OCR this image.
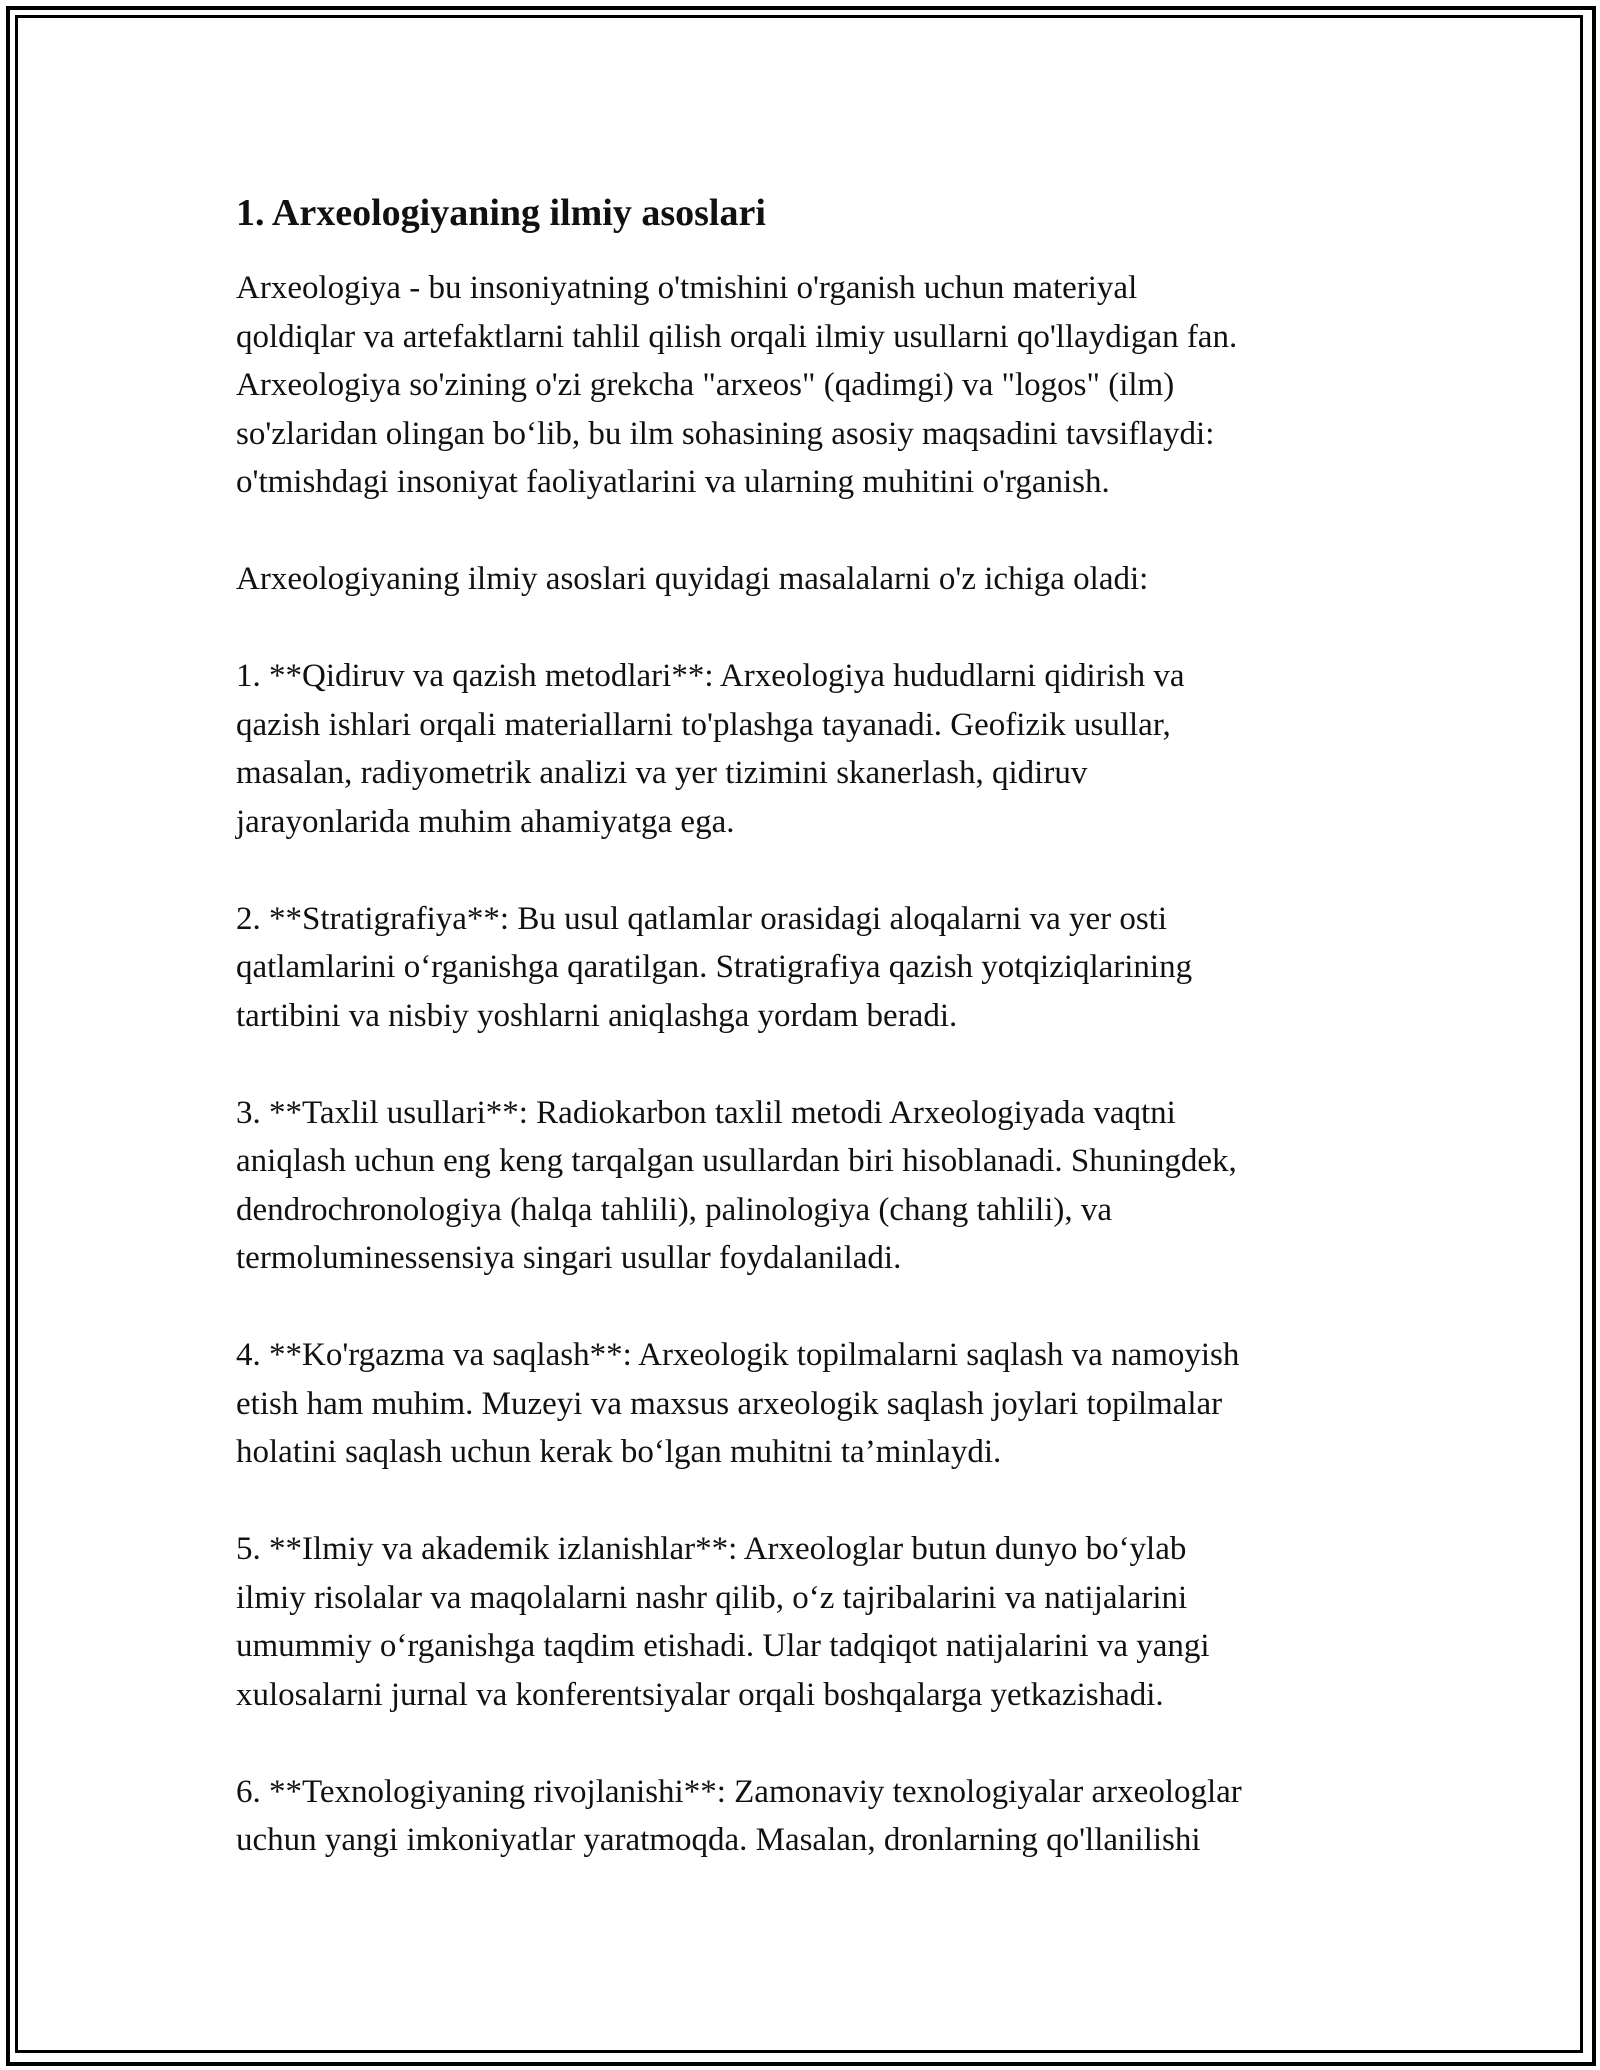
1. Arxeologiyaning ilmiy asoslari

Arxeologiya - bu insoniyatning o'tmishini o'rganish uchun materiyal
qoldiqlar va artefaktlarni tahlil qilish orqali ilmiy usullarni qo'llaydigan fan.
Arxeologiya so'zining o'zi grekcha "arxeos" (qadimgi) va "logos" (ilm)
so'zlaridan olingan bo‘lib, bu ilm sohasining asosiy maqsadini tavsiflaydi:
o'tmishdagi insoniyat faoliyatlarini va ularning muhitini o'rganish.

Arxeologiyaning ilmiy asoslari quyidagi masalalarni o'z ichiga oladi:

1. **Qidiruv va qazish metodlari**: Arxeologiya hududlarni qidirish va
qazish ishlari orqali materiallarni to'plashga tayanadi. Geofizik usullar,
masalan, radiyometrik analizi va yer tizimini skanerlash, qidiruv
jarayonlarida muhim ahamiyatga ega.

2. **Stratigrafiya**: Bu usul qatlamlar orasidagi aloqalarni va yer osti
qatlamlarini o‘rganishga qaratilgan. Stratigrafiya qazish yotqiziqlarining
tartibini va nisbiy yoshlarni aniqlashga yordam beradi.

3. **Taxlil usullari**: Radiokarbon taxlil metodi Arxeologiyada vaqtni
aniqlash uchun eng keng tarqalgan usullardan biri hisoblanadi. Shuningdek,
dendrochronologiya (halqa tahlili), palinologiya (chang tahlili), va
termoluminessensiya singari usullar foydalaniladi.

4. **Ko'rgazma va saqlash**: Arxeologik topilmalarni saqlash va namoyish
etish ham muhim. Muzeyi va maxsus arxeologik saqlash joylari topilmalar
holatini saqlash uchun kerak bo‘lgan muhitni ta’minlaydi.

5. **Ilmiy va akademik izlanishlar**: Arxeologlar butun dunyo bo‘ylab
ilmiy risolalar va maqolalarni nashr qilib, o‘z tajribalarini va natijalarini
umummiy o‘rganishga taqdim etishadi. Ular tadqiqot natijalarini va yangi
xulosalarni jurnal va konferentsiyalar orqali boshqalarga yetkazishadi.

6. **Texnologiyaning rivojlanishi**: Zamonaviy texnologiyalar arxeologlar
uchun yangi imkoniyatlar yaratmoqda. Masalan, dronlarning qo'llanilishi
